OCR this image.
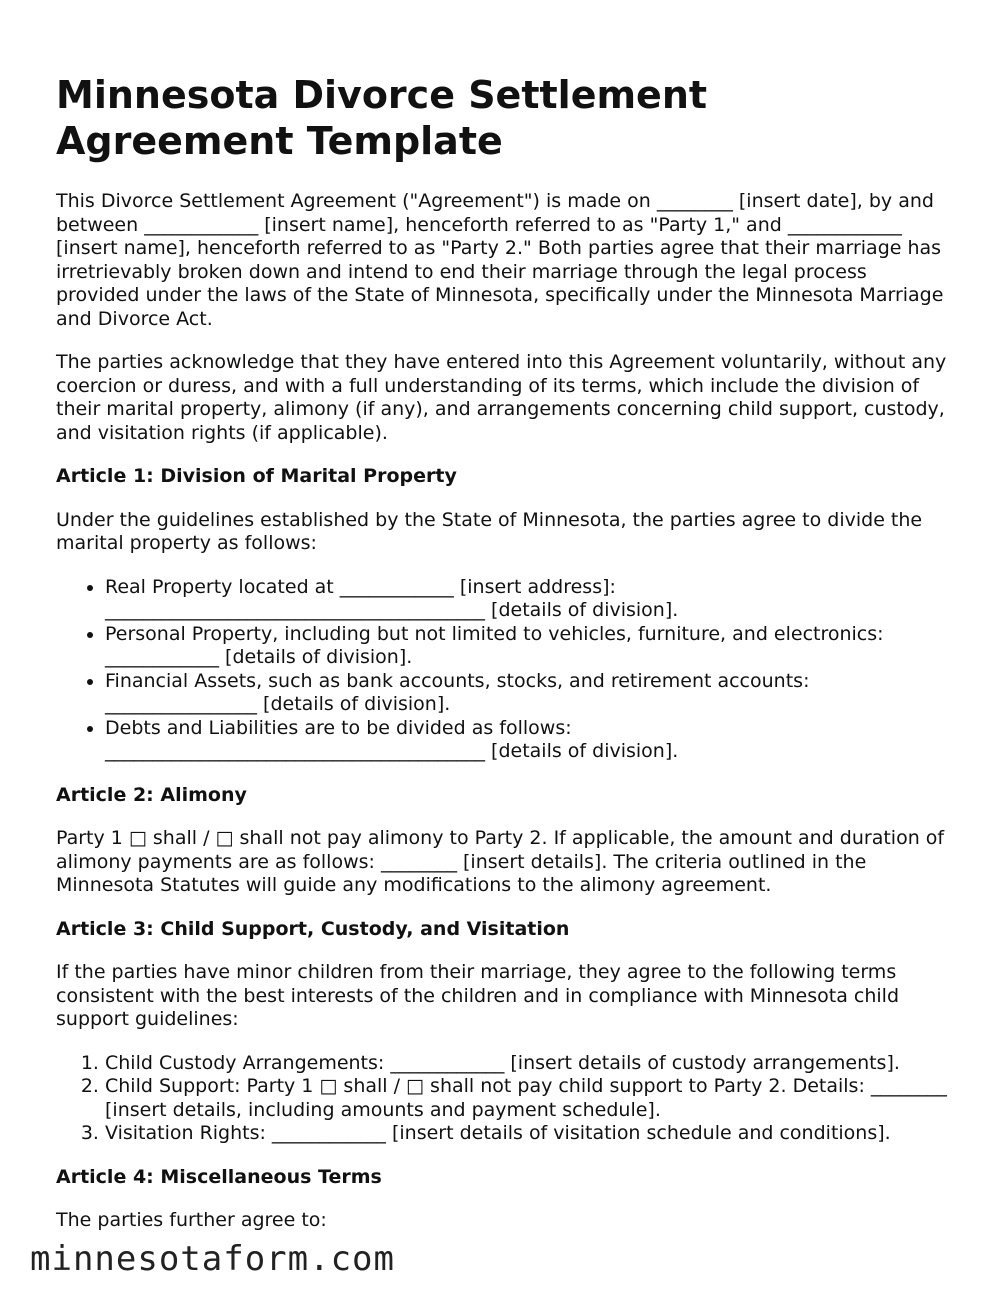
Minnesota Divorce Settlement Agreement Template

This Divorce Settlement Agreement ("Agreement") is made on ________ [insert date], by and between ____________ [insert name], henceforth referred to as "Party 1," and ____________ [insert name], henceforth referred to as "Party 2." Both parties agree that their marriage has irretrievably broken down and intend to end their marriage through the legal process provided under the laws of the State of Minnesota, specifically under the Minnesota Marriage and Divorce Act.

The parties acknowledge that they have entered into this Agreement voluntarily, without any coercion or duress, and with a full understanding of its terms, which include the division of their marital property, alimony (if any), and arrangements concerning child support, custody, and visitation rights (if applicable).

Article 1: Division of Marital Property

Under the guidelines established by the State of Minnesota, the parties agree to divide the marital property as follows:

• Real Property located at ____________ [insert address]: ________________________________________ [details of division].
• Personal Property, including but not limited to vehicles, furniture, and electronics: ____________ [details of division].
• Financial Assets, such as bank accounts, stocks, and retirement accounts: ________________ [details of division].
• Debts and Liabilities are to be divided as follows: ________________________________________ [details of division].
Article 2: Alimony

Party 1 □ shall / □ shall not pay alimony to Party 2. If applicable, the amount and duration of alimony payments are as follows: ________ [insert details]. The criteria outlined in the Minnesota Statutes will guide any modifications to the alimony agreement.

Article 3: Child Support, Custody, and Visitation

If the parties have minor children from their marriage, they agree to the following terms consistent with the best interests of the children and in compliance with Minnesota child support guidelines:

1. Child Custody Arrangements: ____________ [insert details of custody arrangements].
2. Child Support: Party 1 □ shall / □ shall not pay child support to Party 2. Details: ________ [insert details, including amounts and payment schedule].
3. Visitation Rights: ____________ [insert details of visitation schedule and conditions].
Article 4: Miscellaneous Terms

The parties further agree to:

minnesotaform.com
